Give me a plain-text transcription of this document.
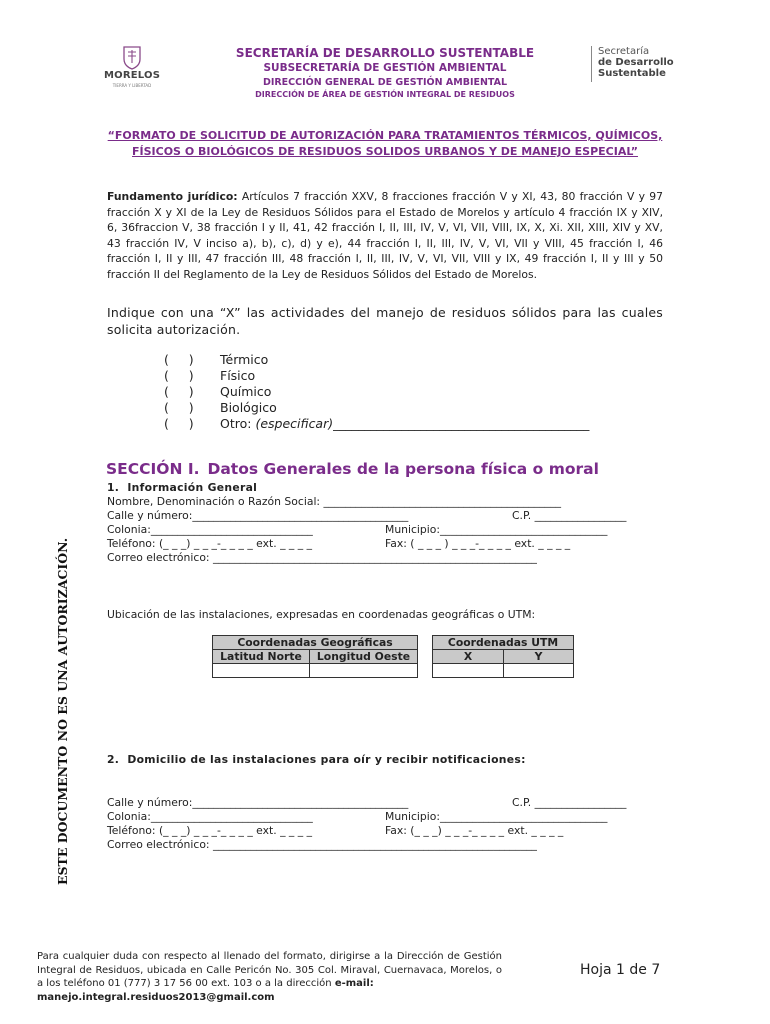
MORELOS
TIERRA Y LIBERTAD
SECRETARÍA DE DESARROLLO SUSTENTABLE
SUBSECRETARÍA DE GESTIÓN AMBIENTAL
DIRECCIÓN GENERAL DE GESTIÓN AMBIENTAL
DIRECCIÓN DE ÁREA DE GESTIÓN INTEGRAL DE RESIDUOS
Secretaría
de Desarrollo
Sustentable
“FORMATO DE SOLICITUD DE AUTORIZACIÓN PARA TRATAMIENTOS TÉRMICOS, QUÍMICOS, FÍSICOS O BIOLÓGICOS DE RESIDUOS SOLIDOS URBANOS Y DE MANEJO ESPECIAL”
Fundamento jurídico: Artículos 7 fracción XXV, 8 fracciones fracción V y XI, 43, 80 fracción V y 97 fracción X y XI de la Ley de Residuos Sólidos para el Estado de Morelos y artículo 4 fracción IX y XIV, 6, 36fraccion V, 38 fracción I y II, 41, 42 fracción I, II, III, IV, V, VI, VII, VIII, IX, X, Xi. XII, XIII, XIV y XV, 43 fracción IV, V inciso a), b), c), d) y e), 44 fracción I, II, III, IV, V, VI, VII y VIII, 45 fracción I, 46 fracción I, II y III, 47 fracción III, 48 fracción I, II, III, IV, V, VI, VII, VIII y IX, 49 fracción I, II y III y 50 fracción II del Reglamento de la Ley de Residuos Sólidos del Estado de Morelos.
Indique con una “X” las actividades del manejo de residuos sólidos para las cuales solicita autorización.
(     )	Térmico
(     )	Físico
(     )	Químico
(     )	Biológico
(     )	Otro: (especificar) _________________________________________
SECCIÓN I. Datos Generales de la persona física o moral
1.  Información General
Nombre, Denominación o Razón Social: ____________________________________________
Calle y número:________________________________________	C.P. _________________
Colonia:______________________________	Municipio:_______________________________
Teléfono: (_ _ _) _ _ _-_ _ _ _ ext. _ _ _ _	Fax: ( _ _ _ ) _ _ _-_ _ _ _ ext. _ _ _ _
Correo electrónico: ____________________________________________________________
Ubicación de las instalaciones, expresadas en coordenadas geográficas o UTM:
Coordenadas Geográficas	
Latitud Norte	Longitud Oeste

Coordenadas UTM	
X	Y

2.  Domicilio de las instalaciones para oír y recibir notificaciones:
Calle y número:________________________________________	C.P. _________________
Colonia:______________________________	Municipio:_______________________________
Teléfono: (_ _ _) _ _ _-_ _ _ _ ext. _ _ _ _	Fax: (_ _ _) _ _ _-_ _ _ _ ext. _ _ _ _
Correo electrónico: ____________________________________________________________
ESTE DOCUMENTO NO ES UNA AUTORIZACIÓN.
Para cualquier duda con respecto al llenado del formato, dirigirse a la Dirección de Gestión Integral de Residuos, ubicada en Calle Pericón No. 305 Col. Miraval, Cuernavaca, Morelos, o a los teléfono 01 (777) 3 17 56 00 ext. 103 o a la dirección e-mail:
manejo.integral.residuos2013@gmail.com
Hoja 1 de 7
